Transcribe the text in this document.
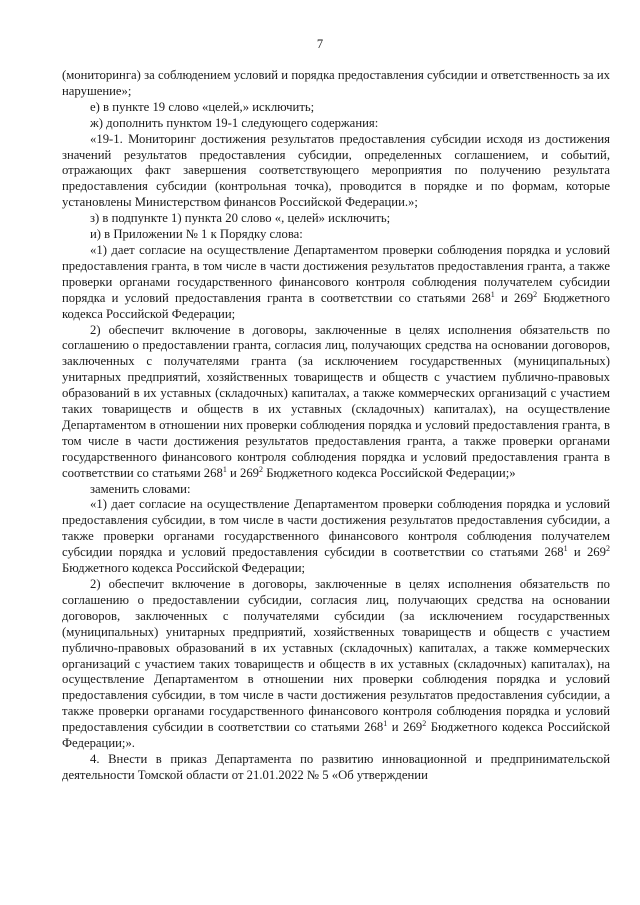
7

(мониторинга) за соблюдением условий и порядка предоставления субсидии и ответственность за их нарушение»;

е) в пункте 19 слово «целей,» исключить;

ж) дополнить пунктом 19-1 следующего содержания:

«19-1. Мониторинг достижения результатов предоставления субсидии исходя из достижения значений результатов предоставления субсидии, определенных соглашением, и событий, отражающих факт завершения соответствующего мероприятия по получению результата предоставления субсидии (контрольная точка), проводится в порядке и по формам, которые установлены Министерством финансов Российской Федерации.»;

з) в подпункте 1) пункта 20 слово «, целей» исключить;

и) в Приложении № 1 к Порядку слова:

«1) дает согласие на осуществление Департаментом проверки соблюдения порядка и условий предоставления гранта, в том числе в части достижения результатов предоставления гранта, а также проверки органами государственного финансового контроля соблюдения получателем субсидии порядка и условий предоставления гранта в соответствии со статьями $268^1$ и $269^2$ Бюджетного кодекса Российской Федерации;

2) обеспечит включение в договоры, заключенные в целях исполнения обязательств по соглашению о предоставлении гранта, согласия лиц, получающих средства на основании договоров, заключенных с получателями гранта (за исключением государственных (муниципальных) унитарных предприятий, хозяйственных товариществ и обществ с участием публично-правовых образований в их уставных (складочных) капиталах, а также коммерческих организаций с участием таких товариществ и обществ в их уставных (складочных) капиталах), на осуществление Департаментом в отношении них проверки соблюдения порядка и условий предоставления гранта, в том числе в части достижения результатов предоставления гранта, а также проверки органами государственного финансового контроля соблюдения порядка и условий предоставления гранта в соответствии со статьями $268^1$ и $269^2$ Бюджетного кодекса Российской Федерации;»

заменить словами:

«1) дает согласие на осуществление Департаментом проверки соблюдения порядка и условий предоставления субсидии, в том числе в части достижения результатов предоставления субсидии, а также проверки органами государственного финансового контроля соблюдения получателем субсидии порядка и условий предоставления субсидии в соответствии со статьями $268^1$ и $269^2$ Бюджетного кодекса Российской Федерации;

2) обеспечит включение в договоры, заключенные в целях исполнения обязательств по соглашению о предоставлении субсидии, согласия лиц, получающих средства на основании договоров, заключенных с получателями субсидии (за исключением государственных (муниципальных) унитарных предприятий, хозяйственных товариществ и обществ с участием публично-правовых образований в их уставных (складочных) капиталах, а также коммерческих организаций с участием таких товариществ и обществ в их уставных (складочных) капиталах), на осуществление Департаментом в отношении них проверки соблюдения порядка и условий предоставления субсидии, в том числе в части достижения результатов предоставления субсидии, а также проверки органами государственного финансового контроля соблюдения порядка и условий предоставления субсидии в соответствии со статьями $268^1$ и $269^2$ Бюджетного кодекса Российской Федерации;».

4. Внести в приказ Департамента по развитию инновационной и предпринимательской деятельности Томской области от 21.01.2022 № 5 «Об утверждении
